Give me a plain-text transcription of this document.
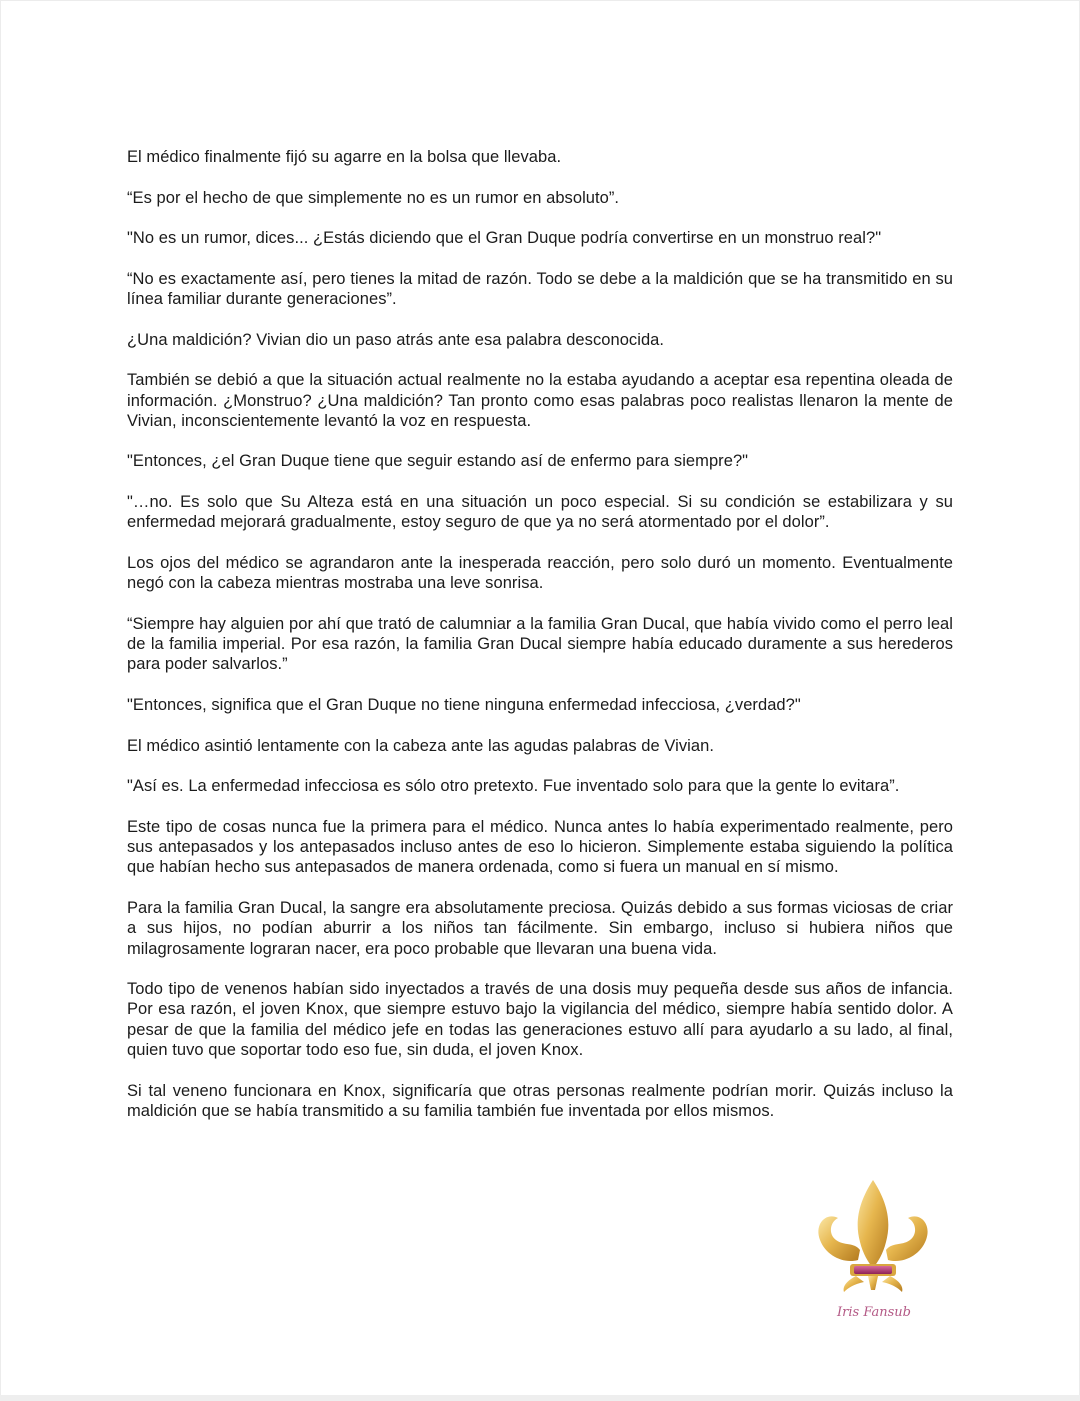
El médico finalmente fijó su agarre en la bolsa que llevaba.

“Es por el hecho de que simplemente no es un rumor en absoluto”.

"No es un rumor, dices... ¿Estás diciendo que el Gran Duque podría convertirse en un monstruo real?"

“No es exactamente así, pero tienes la mitad de razón. Todo se debe a la maldición que se ha transmitido en su línea familiar durante generaciones”.

¿Una maldición? Vivian dio un paso atrás ante esa palabra desconocida.

También se debió a que la situación actual realmente no la estaba ayudando a aceptar esa repentina oleada de información. ¿Monstruo? ¿Una maldición? Tan pronto como esas palabras poco realistas llenaron la mente de Vivian, inconscientemente levantó la voz en respuesta.

"Entonces, ¿el Gran Duque tiene que seguir estando así de enfermo para siempre?"

"…no. Es solo que Su Alteza está en una situación un poco especial. Si su condición se estabilizara y su enfermedad mejorará gradualmente, estoy seguro de que ya no será atormentado por el dolor”.

Los ojos del médico se agrandaron ante la inesperada reacción, pero solo duró un momento. Eventualmente negó con la cabeza mientras mostraba una leve sonrisa.

“Siempre hay alguien por ahí que trató de calumniar a la familia Gran Ducal, que había vivido como el perro leal de la familia imperial. Por esa razón, la familia Gran Ducal siempre había educado duramente a sus herederos para poder salvarlos.”

"Entonces, significa que el Gran Duque no tiene ninguna enfermedad infecciosa, ¿verdad?"

El médico asintió lentamente con la cabeza ante las agudas palabras de Vivian.

"Así es. La enfermedad infecciosa es sólo otro pretexto. Fue inventado solo para que la gente lo evitara”.

Este tipo de cosas nunca fue la primera para el médico. Nunca antes lo había experimentado realmente, pero sus antepasados y los antepasados incluso antes de eso lo hicieron. Simplemente estaba siguiendo la política que habían hecho sus antepasados de manera ordenada, como si fuera un manual en sí mismo.

Para la familia Gran Ducal, la sangre era absolutamente preciosa. Quizás debido a sus formas viciosas de criar a sus hijos, no podían aburrir a los niños tan fácilmente. Sin embargo, incluso si hubiera niños que milagrosamente lograran nacer, era poco probable que llevaran una buena vida.

Todo tipo de venenos habían sido inyectados a través de una dosis muy pequeña desde sus años de infancia. Por esa razón, el joven Knox, que siempre estuvo bajo la vigilancia del médico, siempre había sentido dolor. A pesar de que la familia del médico jefe en todas las generaciones estuvo allí para ayudarlo a su lado, al final, quien tuvo que soportar todo eso fue, sin duda, el joven Knox.

Si tal veneno funcionara en Knox, significaría que otras personas realmente podrían morir. Quizás incluso la maldición que se había transmitido a su familia también fue inventada por ellos mismos.

Iris Fansub
